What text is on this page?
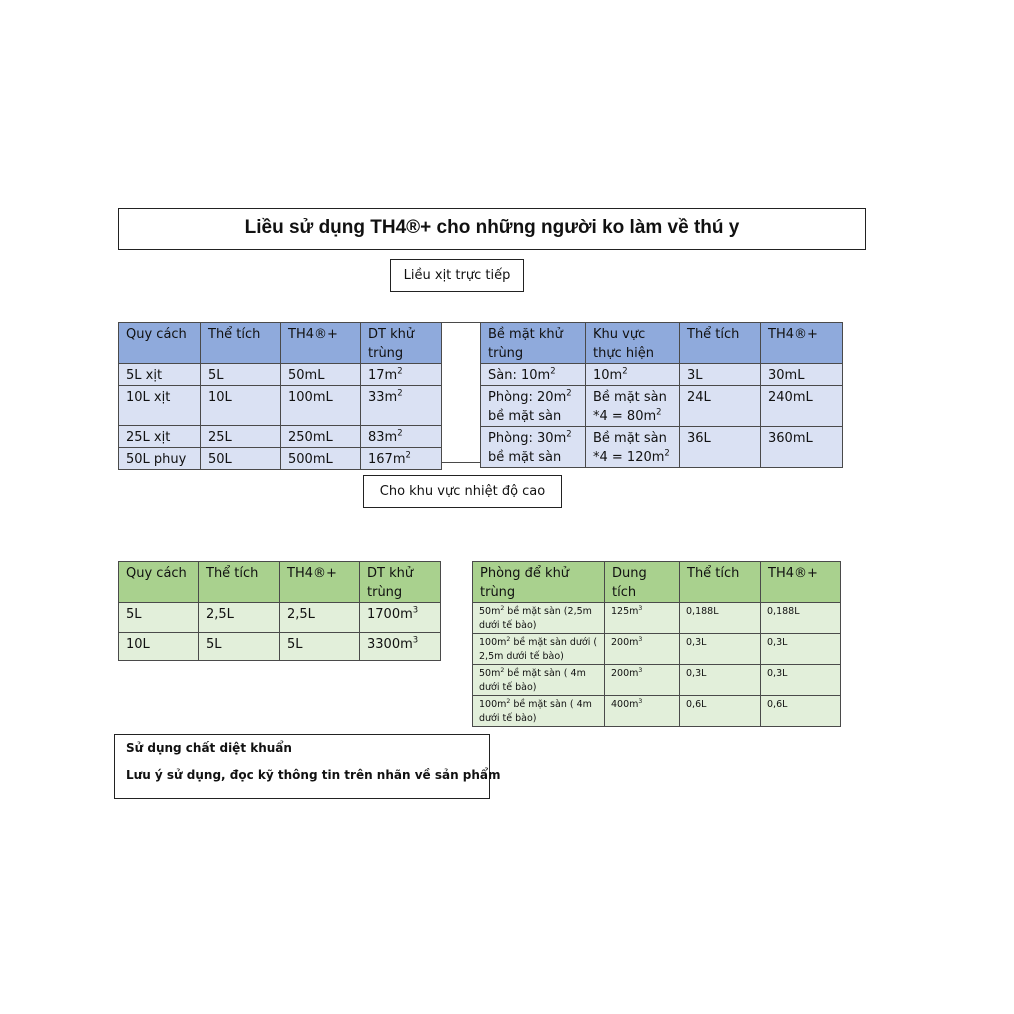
Liều sử dụng TH4®+ cho những người ko làm về thú y
Liều xịt trực tiếp
Quy cách	Thể tích	TH4®+	DT khử trùng
5L xịt	5L	50mL	$17m^2$
10L xịt	10L	100mL	$33m^2$
25L xịt	25L	250mL	$83m^2$
50L phuy	50L	500mL	$167m^2$
Bề mặt khử trùng	Khu vực thực hiện	Thể tích	TH4®+
Sàn: $10m^2$	$10m^2$	3L	30mL
Phòng: $20m^2$ bề mặt sàn	Bề mặt sàn $*4 = 80m^2$	24L	240mL
Phòng: $30m^2$ bề mặt sàn	Bề mặt sàn $*4 = 120m^2$	36L	360mL
Cho khu vực nhiệt độ cao
Quy cách	Thể tích	TH4®+	DT khử trùng
5L	2,5L	2,5L	$1700m^3$
10L	5L	5L	$3300m^3$
Phòng để khử trùng	Dung tích	Thể tích	TH4®+
$50m^2$ bề mặt sàn (2,5m dưới tế bào)	$125m^3$	0,188L	0,188L
$100m^2$ bề mặt sàn dưới ( 2,5m dưới tế bào)	$200m^3$	0,3L	0,3L
$50m^2$ bề mặt sàn ( 4m dưới tế bào)	$200m^3$	0,3L	0,3L
$100m^2$ bề mặt sàn ( 4m dưới tế bào)	$400m^3$	0,6L	0,6L
Sử dụng chất diệt khuẩn
Lưu ý sử dụng, đọc kỹ thông tin trên nhãn về sản phẩm
